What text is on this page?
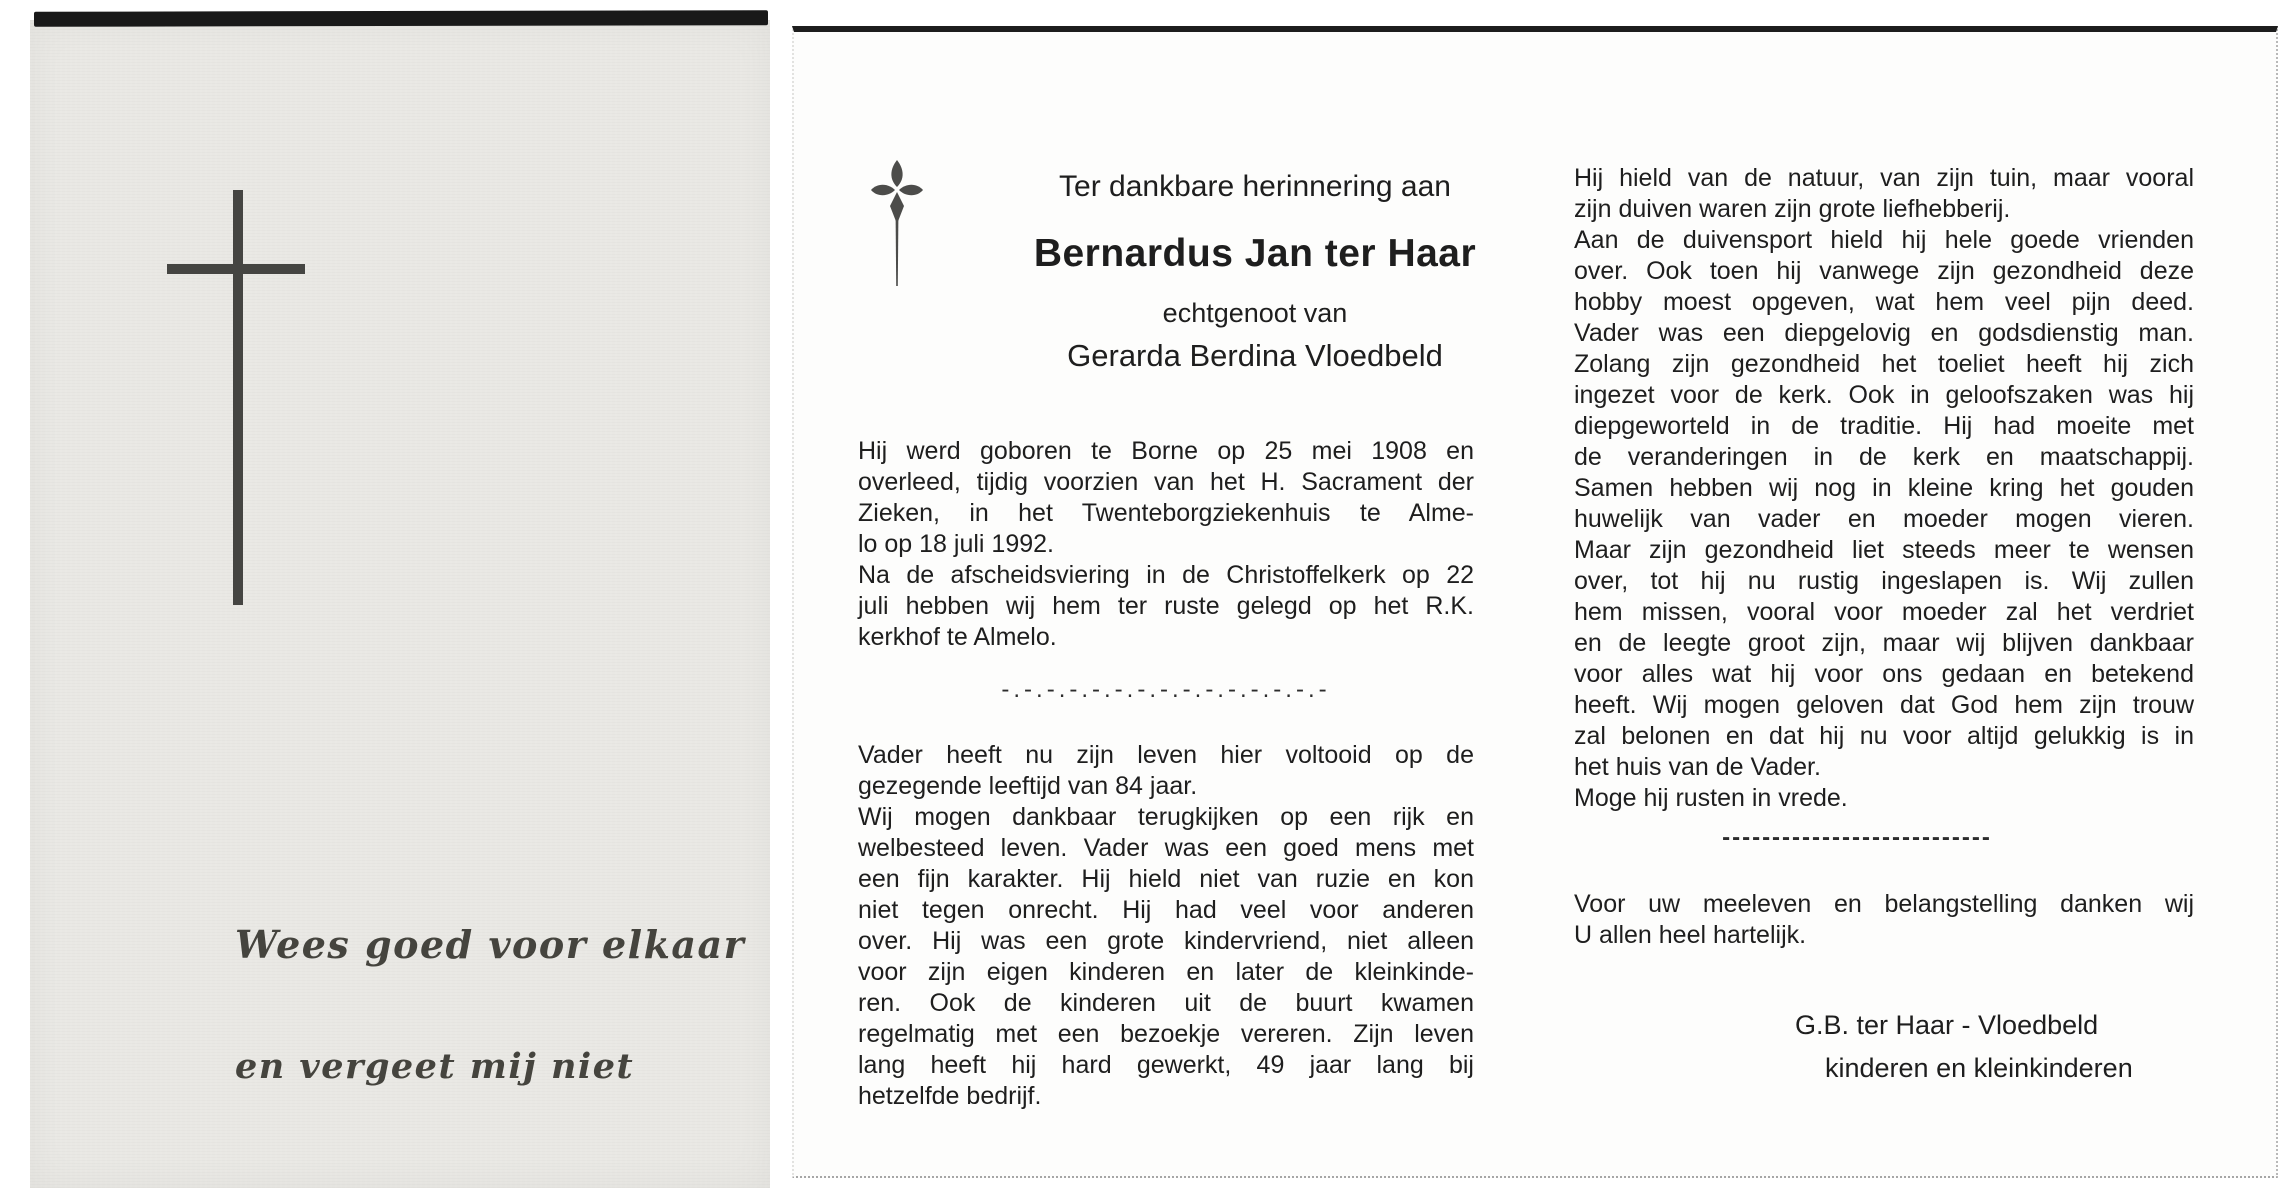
Wees goed voor elkaar
en vergeet mij niet
Ter dankbare herinnering aan
Bernardus Jan ter Haar
echtgenoot van
Gerarda Berdina Vloedbeld
Hij werd goboren te Borne op 25 mei 1908 en
overleed, tijdig voorzien van het H. Sacrament der
Zieken, in het Twenteborgziekenhuis te Alme-
lo op 18 juli 1992.
Na de afscheidsviering in de Christoffelkerk op 22
juli hebben wij hem ter ruste gelegd op het R.K.
kerkhof te Almelo.
-.-.-.-.-.-.-.-.-.-.-.-.-.-.-
Vader heeft nu zijn leven hier voltooid op de
gezegende leeftijd van 84 jaar.
Wij mogen dankbaar terugkijken op een rijk en
welbesteed leven. Vader was een goed mens met
een fijn karakter. Hij hield niet van ruzie en kon
niet tegen onrecht. Hij had veel voor anderen
over. Hij was een grote kindervriend, niet alleen
voor zijn eigen kinderen en later de kleinkinde-
ren. Ook de kinderen uit de buurt kwamen
regelmatig met een bezoekje vereren. Zijn leven
lang heeft hij hard gewerkt, 49 jaar lang bij
hetzelfde bedrijf.
Hij hield van de natuur, van zijn tuin, maar vooral
zijn duiven waren zijn grote liefhebberij.
Aan de duivensport hield hij hele goede vrienden
over. Ook toen hij vanwege zijn gezondheid deze
hobby moest opgeven, wat hem veel pijn deed.
Vader was een diepgelovig en godsdienstig man.
Zolang zijn gezondheid het toeliet heeft hij zich
ingezet voor de kerk. Ook in geloofszaken was hij
diepgeworteld in de traditie. Hij had moeite met
de veranderingen in de kerk en maatschappij.
Samen hebben wij nog in kleine kring het gouden
huwelijk van vader en moeder mogen vieren.
Maar zijn gezondheid liet steeds meer te wensen
over, tot hij nu rustig ingeslapen is. Wij zullen
hem missen, vooral voor moeder zal het verdriet
en de leegte groot zijn, maar wij blijven dankbaar
voor alles wat hij voor ons gedaan en betekend
heeft. Wij mogen geloven dat God hem zijn trouw
zal belonen en dat hij nu voor altijd gelukkig is in
het huis van de Vader.
Moge hij rusten in vrede.
---------------------------
Voor uw meeleven en belangstelling danken wij
U allen heel hartelijk.
G.B. ter Haar - Vloedbeld
kinderen en kleinkinderen
